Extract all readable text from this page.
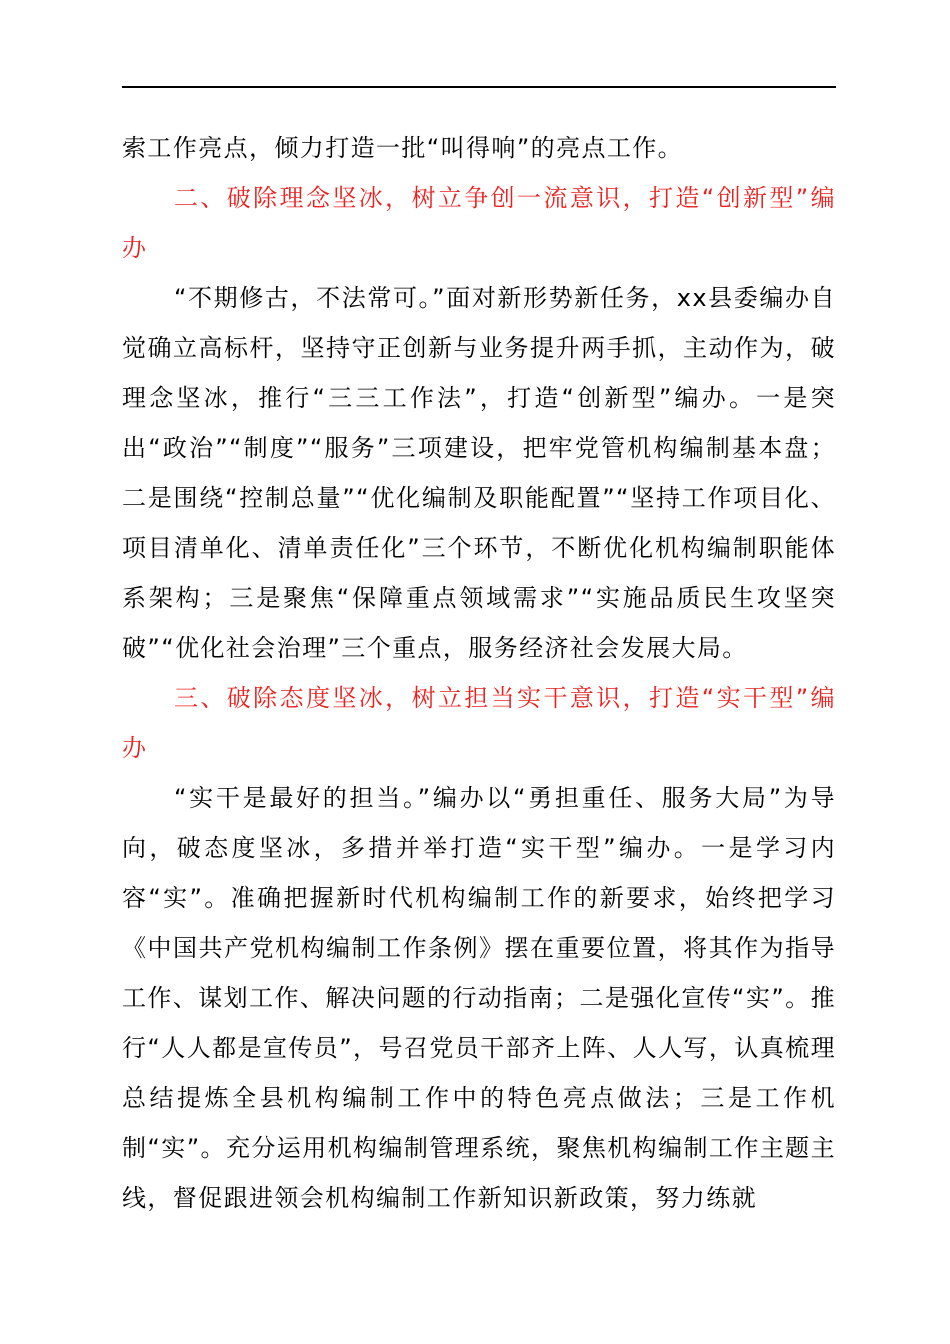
索工作亮点，倾力打造一批“叫得响”的亮点工作。

二、破除理念坚冰，树立争创一流意识，打造“创新型”编办

“不期修古，不法常可。”面对新形势新任务，xx县委编办自觉确立高标杆，坚持守正创新与业务提升两手抓，主动作为，破理念坚冰，推行“三三工作法”，打造“创新型”编办。一是突出“政治”“制度”“服务”三项建设，把牢党管机构编制基本盘；二是围绕“控制总量”“优化编制及职能配置”“坚持工作项目化、项目清单化、清单责任化”三个环节，不断优化机构编制职能体系架构；三是聚焦“保障重点领域需求”“实施品质民生攻坚突破”“优化社会治理”三个重点，服务经济社会发展大局。

三、破除态度坚冰，树立担当实干意识，打造“实干型”编办

“实干是最好的担当。”编办以“勇担重任、服务大局”为导向，破态度坚冰，多措并举打造“实干型”编办。一是学习内容“实”。准确把握新时代机构编制工作的新要求，始终把学习《中国共产党机构编制工作条例》摆在重要位置，将其作为指导工作、谋划工作、解决问题的行动指南；二是强化宣传“实”。推行“人人都是宣传员”，号召党员干部齐上阵、人人写，认真梳理总结提炼全县机构编制工作中的特色亮点做法；三是工作机制“实”。充分运用机构编制管理系统，聚焦机构编制工作主题主线，督促跟进领会机构编制工作新知识新政策，努力练就
